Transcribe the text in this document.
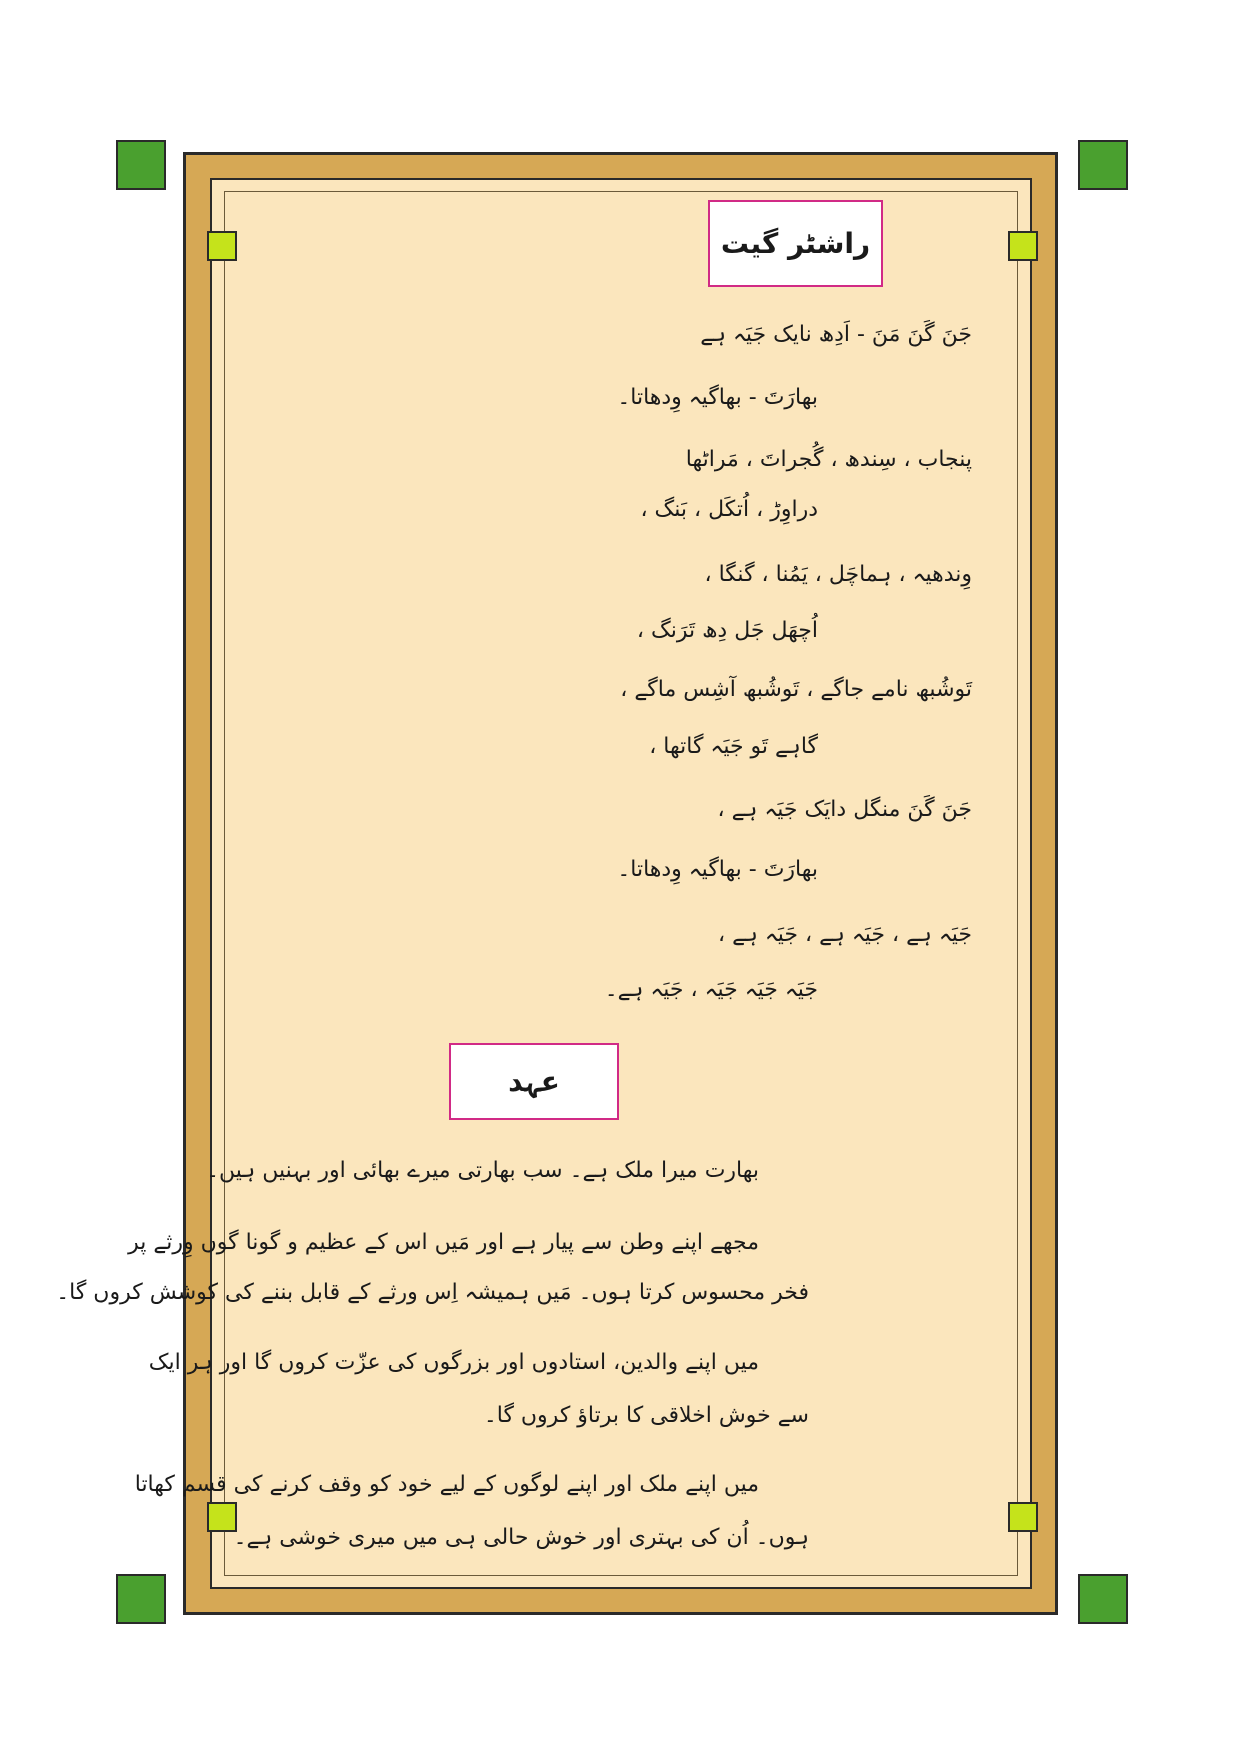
راشٹر گیت
جَنَ گَنَ مَنَ - اَدِھ نایک جَیَہ ہے
بھارَتَ - بھاگیہ وِدھاتا۔
پنجاب ، سِندھ ، گُجراتَ ، مَراٹھا
دراوِڑ ، اُتکَل ، بَنگ ،
وِندھیہ ، ہماچَل ، یَمُنا ، گنگا ،
اُچھَل جَل دِھ تَرَنگ ،
تَوشُبھ نامے جاگے ، تَوشُبھ آشِس ماگے ،
گاہے تَو جَیَہ گاتھا ،
جَنَ گَنَ منگل دایَک جَیَہ ہے ،
بھارَتَ - بھاگیہ وِدھاتا۔
جَیَہ ہے ، جَیَہ ہے ، جَیَہ ہے ،
جَیَہ جَیَہ جَیَہ ، جَیَہ ہے۔
عہد
بھارت میرا ملک ہے۔ سب بھارتی میرے بھائی اور بہنیں ہیں۔
مجھے اپنے وطن سے پیار ہے اور مَیں اس کے عظیم و گونا گوں وِرثے پر
فخر محسوس کرتا ہوں۔ مَیں ہمیشہ اِس ورثے کے قابل بننے کی کوشش کروں گا۔
میں اپنے والدین، استادوں اور بزرگوں کی عزّت کروں گا اور ہر ایک
سے خوش اخلاقی کا برتاؤ کروں گا۔
میں اپنے ملک اور اپنے لوگوں کے لیے خود کو وقف کرنے کی قسم کھاتا
ہوں۔ اُن کی بہتری اور خوش حالی ہی میں میری خوشی ہے۔
